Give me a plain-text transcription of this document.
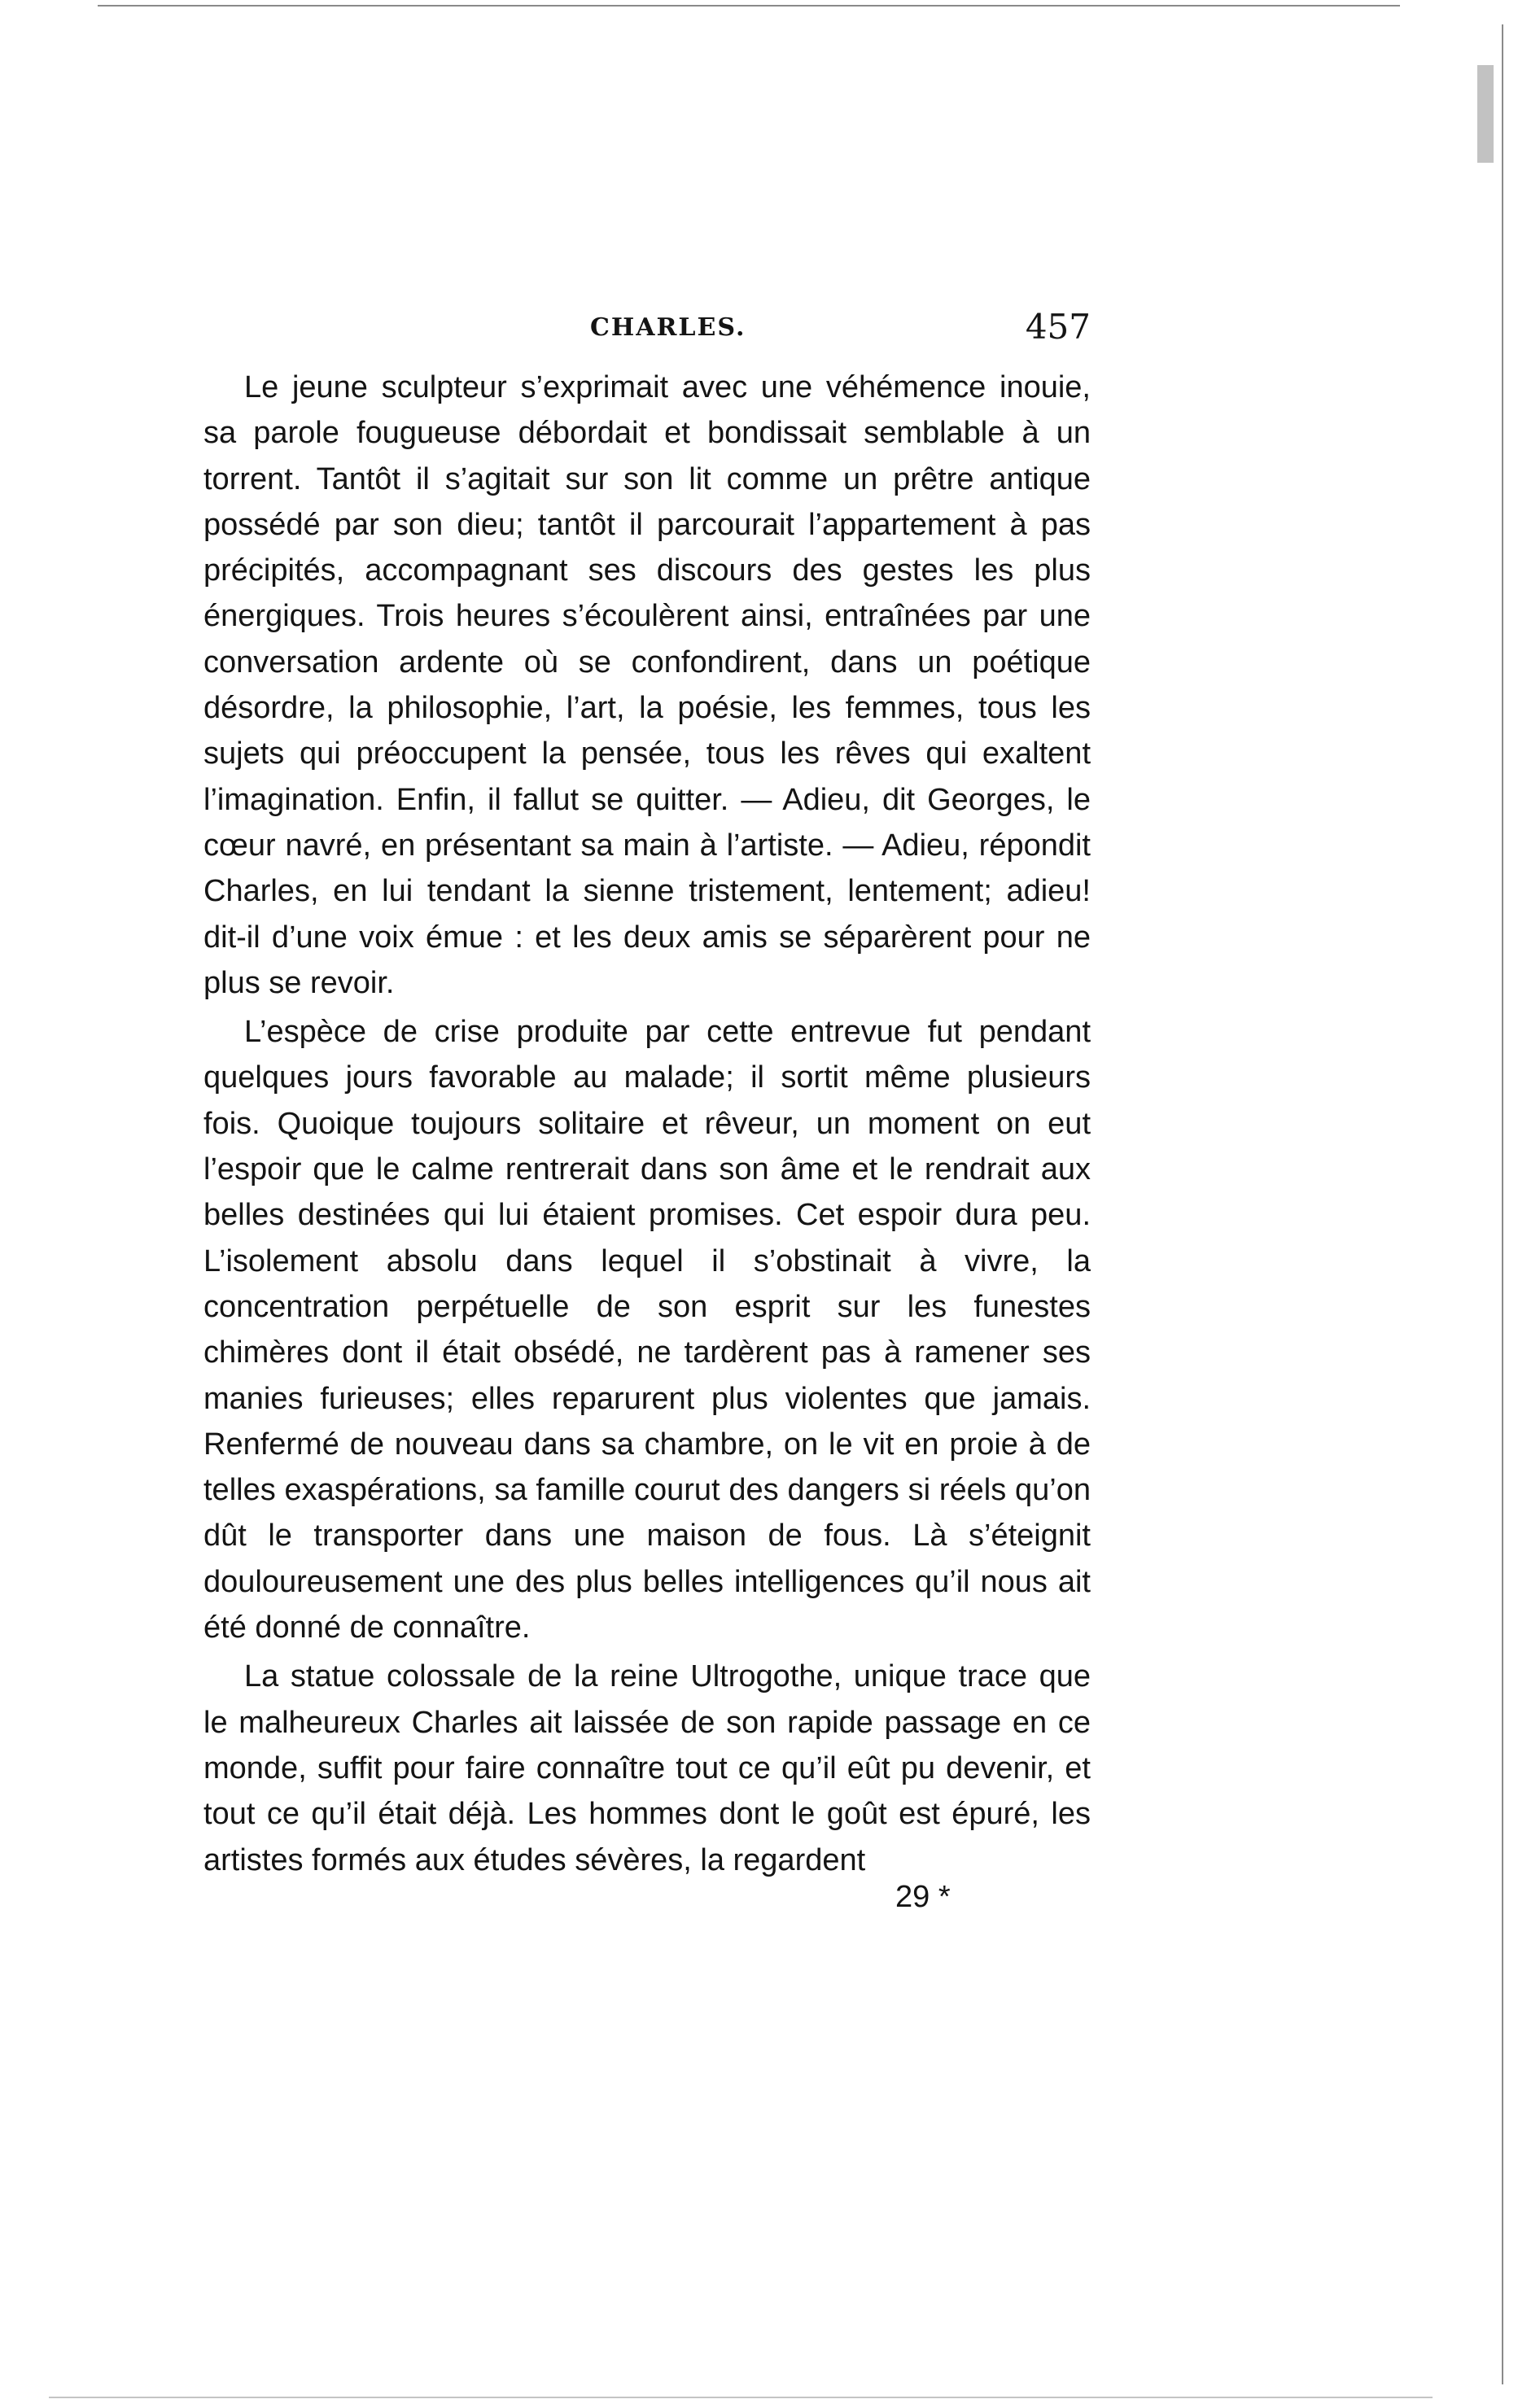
CHARLES.	457

Le jeune sculpteur s’exprimait avec une véhémence inouie, sa parole fougueuse débordait et bondissait semblable à un torrent. Tantôt il s’agitait sur son lit comme un prêtre antique possédé par son dieu; tantôt il parcourait l’appartement à pas précipités, accompagnant ses discours des gestes les plus énergiques. Trois heures s’écoulèrent ainsi, entraînées par une conversation ardente où se confondirent, dans un poétique désordre, la philosophie, l’art, la poésie, les femmes, tous les sujets qui préoccupent la pensée, tous les rêves qui exaltent l’imagination. Enfin, il fallut se quitter. — Adieu, dit Georges, le cœur navré, en présentant sa main à l’artiste. — Adieu, répondit Charles, en lui tendant la sienne tristement, lentement; adieu! dit-il d’une voix émue : et les deux amis se séparèrent pour ne plus se revoir.

L’espèce de crise produite par cette entrevue fut pendant quelques jours favorable au malade; il sortit même plusieurs fois. Quoique toujours solitaire et rêveur, un moment on eut l’espoir que le calme rentrerait dans son âme et le rendrait aux belles destinées qui lui étaient promises. Cet espoir dura peu. L’isolement absolu dans lequel il s’obstinait à vivre, la concentration perpétuelle de son esprit sur les funestes chimères dont il était obsédé, ne tardèrent pas à ramener ses manies furieuses; elles reparurent plus violentes que jamais. Renfermé de nouveau dans sa chambre, on le vit en proie à de telles exaspérations, sa famille courut des dangers si réels qu’on dût le transporter dans une maison de fous. Là s’éteignit douloureusement une des plus belles intelligences qu’il nous ait été donné de connaître.

La statue colossale de la reine Ultrogothe, unique trace que le malheureux Charles ait laissée de son rapide passage en ce monde, suffit pour faire connaître tout ce qu’il eût pu devenir, et tout ce qu’il était déjà. Les hommes dont le goût est épuré, les artistes formés aux études sévères, la regardent

29 *
